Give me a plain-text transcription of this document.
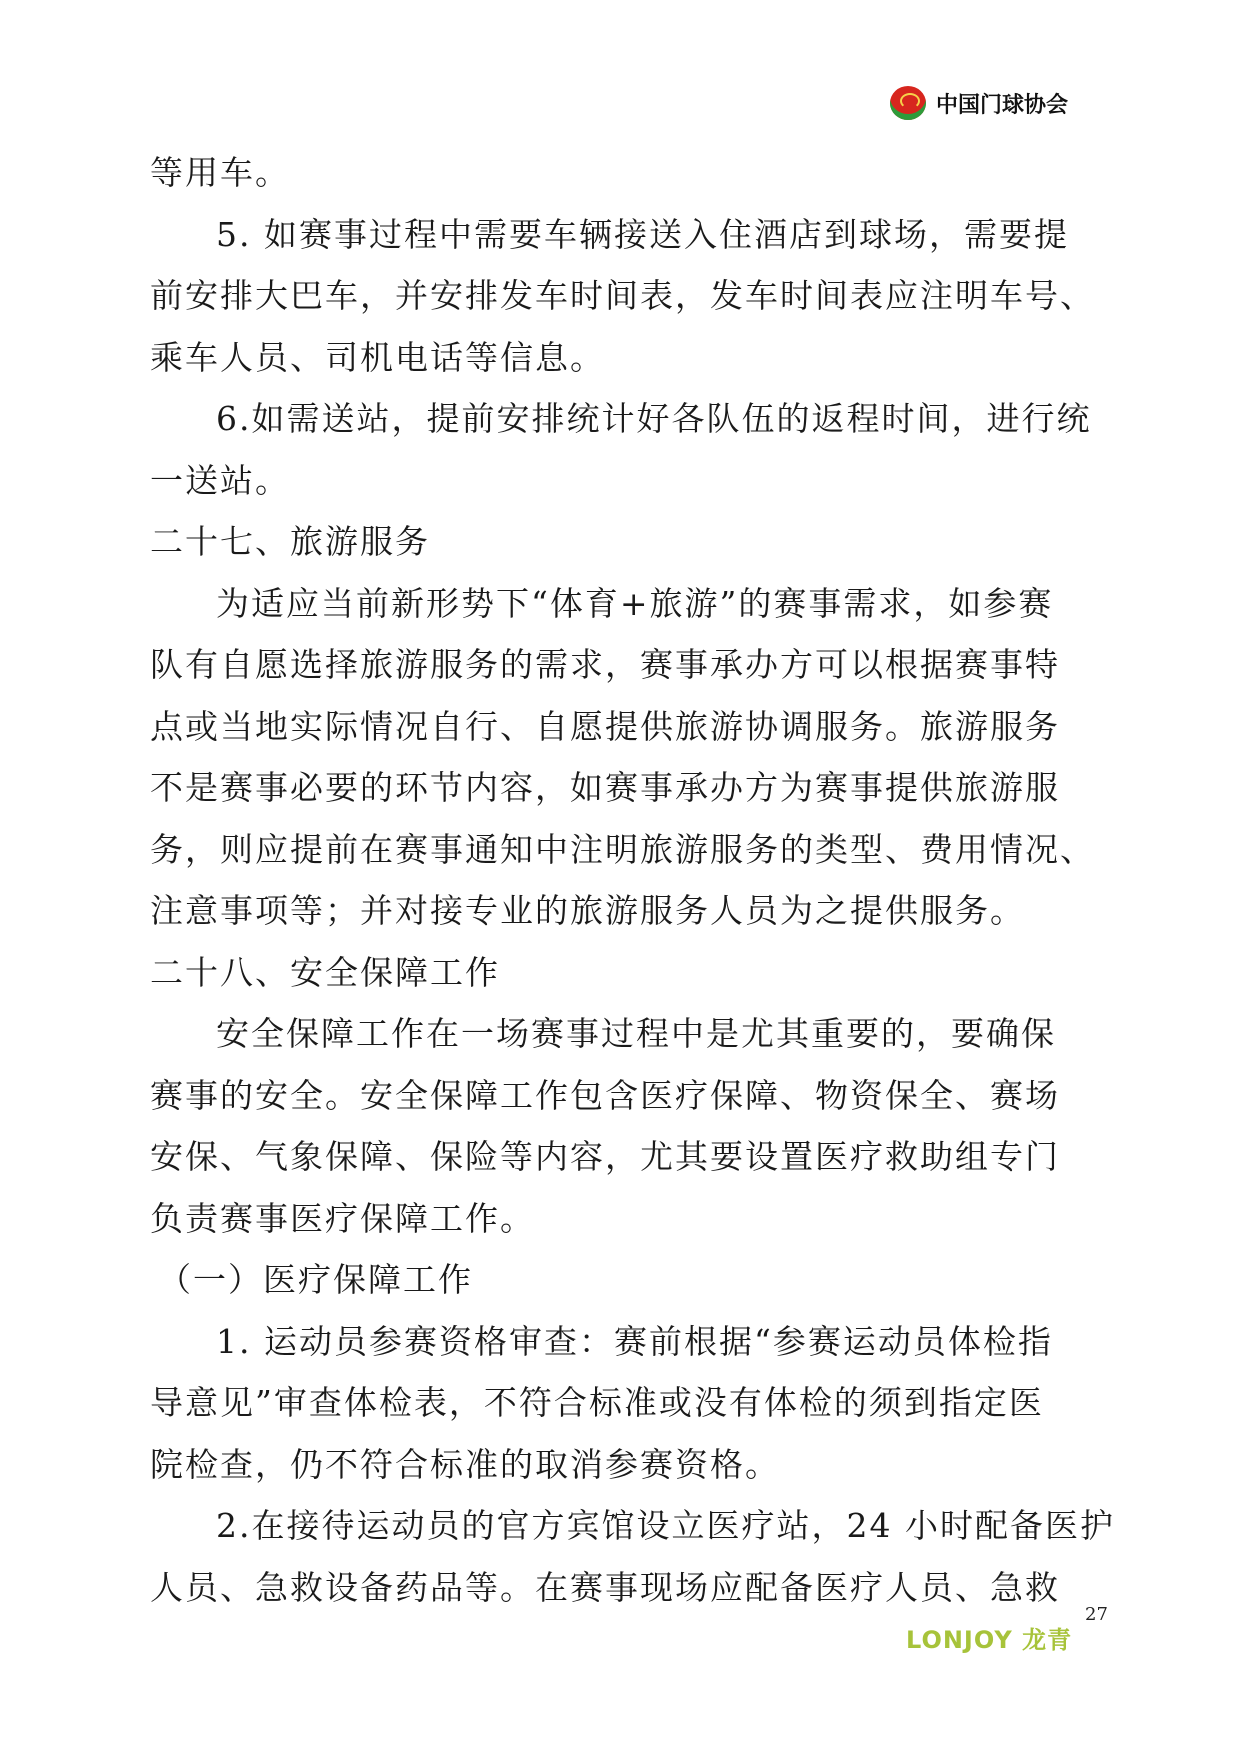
中国门球协会
等用车。
5. 如赛事过程中需要车辆接送入住酒店到球场，需要提
前安排大巴车，并安排发车时间表，发车时间表应注明车号、
乘车人员、司机电话等信息。
6.如需送站，提前安排统计好各队伍的返程时间，进行统
一送站。
二十七、旅游服务
为适应当前新形势下“体育+旅游”的赛事需求，如参赛
队有自愿选择旅游服务的需求，赛事承办方可以根据赛事特
点或当地实际情况自行、自愿提供旅游协调服务。旅游服务
不是赛事必要的环节内容，如赛事承办方为赛事提供旅游服
务，则应提前在赛事通知中注明旅游服务的类型、费用情况、
注意事项等；并对接专业的旅游服务人员为之提供服务。
二十八、安全保障工作
安全保障工作在一场赛事过程中是尤其重要的，要确保
赛事的安全。安全保障工作包含医疗保障、物资保全、赛场
安保、气象保障、保险等内容，尤其要设置医疗救助组专门
负责赛事医疗保障工作。
（一）医疗保障工作
1. 运动员参赛资格审查：赛前根据“参赛运动员体检指
导意见”审查体检表，不符合标准或没有体检的须到指定医
院检查，仍不符合标准的取消参赛资格。
2.在接待运动员的官方宾馆设立医疗站，24 小时配备医护
人员、急救设备药品等。在赛事现场应配备医疗人员、急救
LONJOY 龙青
27
